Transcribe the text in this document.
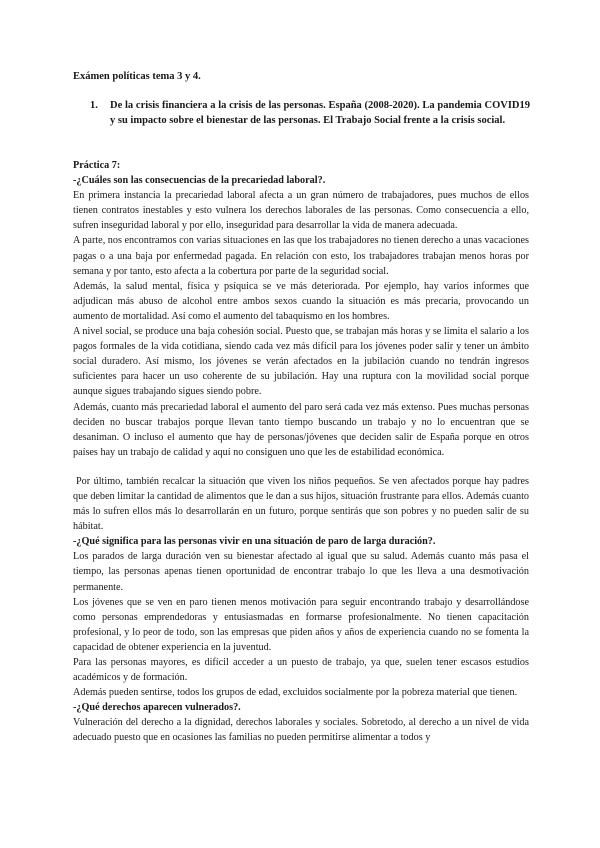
Exámen políticas tema 3 y 4.
1.	De la crisis financiera a la crisis de las personas. España (2008-2020). La pandemia COVID19 y su impacto sobre el bienestar de las personas. El Trabajo Social frente a la crisis social.

Práctica 7:

-¿Cuáles son las consecuencias de la precariedad laboral?.

En primera instancia la precariedad laboral afecta a un gran número de trabajadores, pues muchos de ellos tienen contratos inestables y esto vulnera los derechos laborales de las personas. Como consecuencia a ello, sufren inseguridad laboral y por ello, inseguridad para desarrollar la vida de manera adecuada.

A parte, nos encontramos con varias situaciones en las que los trabajadores no tienen derecho a unas vacaciones pagas o a una baja por enfermedad pagada. En relación con esto, los trabajadores trabajan menos horas por semana y por tanto, esto afecta a la cobertura por parte de la seguridad social.

Además, la salud mental, física y psíquica se ve más deteriorada. Por ejemplo, hay varios informes que adjudican más abuso de alcohol entre ambos sexos cuando la situación es más precaria, provocando un aumento de mortalidad. Así como el aumento del tabaquismo en los hombres.

A nivel social, se produce una baja cohesión social. Puesto que, se trabajan más horas y se limita el salario a los pagos formales de la vida cotidiana, siendo cada vez más difícil para los jóvenes poder salir y tener un ámbito social duradero. Así mismo, los jóvenes se verán afectados en la jubilación cuando no tendrán ingresos suficientes para hacer un uso coherente de su jubilación. Hay una ruptura con la movilidad social porque aunque sigues trabajando sigues siendo pobre.

Además, cuanto más precariedad laboral el aumento del paro será cada vez más extenso. Pues muchas personas deciden no buscar trabajos porque llevan tanto tiempo buscando un trabajo y no lo encuentran que se desaniman. O incluso el aumento que hay de personas/jóvenes que deciden salir de España porque en otros países hay un trabajo de calidad y aquí no consiguen uno que les de estabilidad económica.

Por último, también recalcar la situación que viven los niños pequeños. Se ven afectados porque hay padres que deben limitar la cantidad de alimentos que le dan a sus hijos, situación frustrante para ellos. Además cuanto más lo sufren ellos más lo desarrollarán en un futuro, porque sentirás que son pobres y no pueden salir de su hábitat.

-¿Qué significa para las personas vivir en una situación de paro de larga duración?.

Los parados de larga duración ven su bienestar afectado al igual que su salud. Además cuanto más pasa el tiempo, las personas apenas tienen oportunidad de encontrar trabajo lo que les lleva a una desmotivación permanente.

Los jóvenes que se ven en paro tienen menos motivación para seguir encontrando trabajo y desarrollándose como personas emprendedoras y entusiasmadas en formarse profesionalmente. No tienen capacitación profesional, y lo peor de todo, son las empresas que piden años y años de experiencia cuando no se fomenta la capacidad de obtener experiencia en la juventud.

Para las personas mayores, es difícil acceder a un puesto de trabajo, ya que, suelen tener escasos estudios académicos y de formación.

Además pueden sentirse, todos los grupos de edad, excluidos socialmente por la pobreza material que tienen.

-¿Qué derechos aparecen vulnerados?.

Vulneración del derecho a la dignidad, derechos laborales y sociales. Sobretodo, al derecho a un nivel de vida adecuado puesto que en ocasiones las familias no pueden permitirse alimentar a todos y
